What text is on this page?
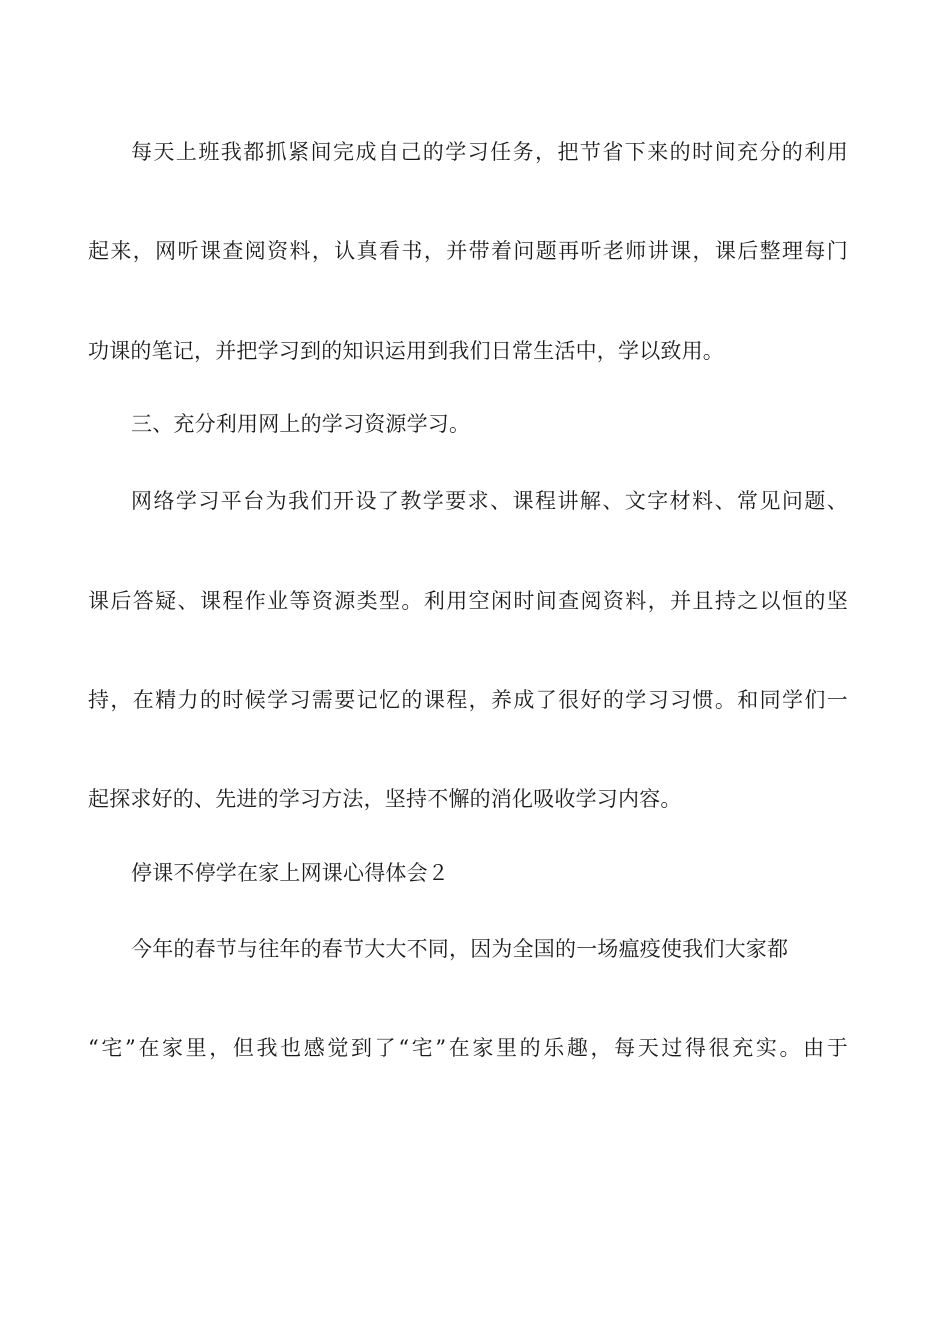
每天上班我都抓紧间完成自己的学习任务，把节省下来的时间充分的利用
起来，网听课查阅资料，认真看书，并带着问题再听老师讲课，课后整理每门
功课的笔记，并把学习到的知识运用到我们日常生活中，学以致用。
三、充分利用网上的学习资源学习。
网络学习平台为我们开设了教学要求、课程讲解、文字材料、常见问题、
课后答疑、课程作业等资源类型。利用空闲时间查阅资料，并且持之以恒的坚
持，在精力的时候学习需要记忆的课程，养成了很好的学习习惯。和同学们一
起探求好的、先进的学习方法，坚持不懈的消化吸收学习内容。
停课不停学在家上网课心得体会２
今年的春节与往年的春节大大不同，因为全国的一场瘟疫使我们大家都
“宅”在家里，但我也感觉到了“宅”在家里的乐趣，每天过得很充实。由于
